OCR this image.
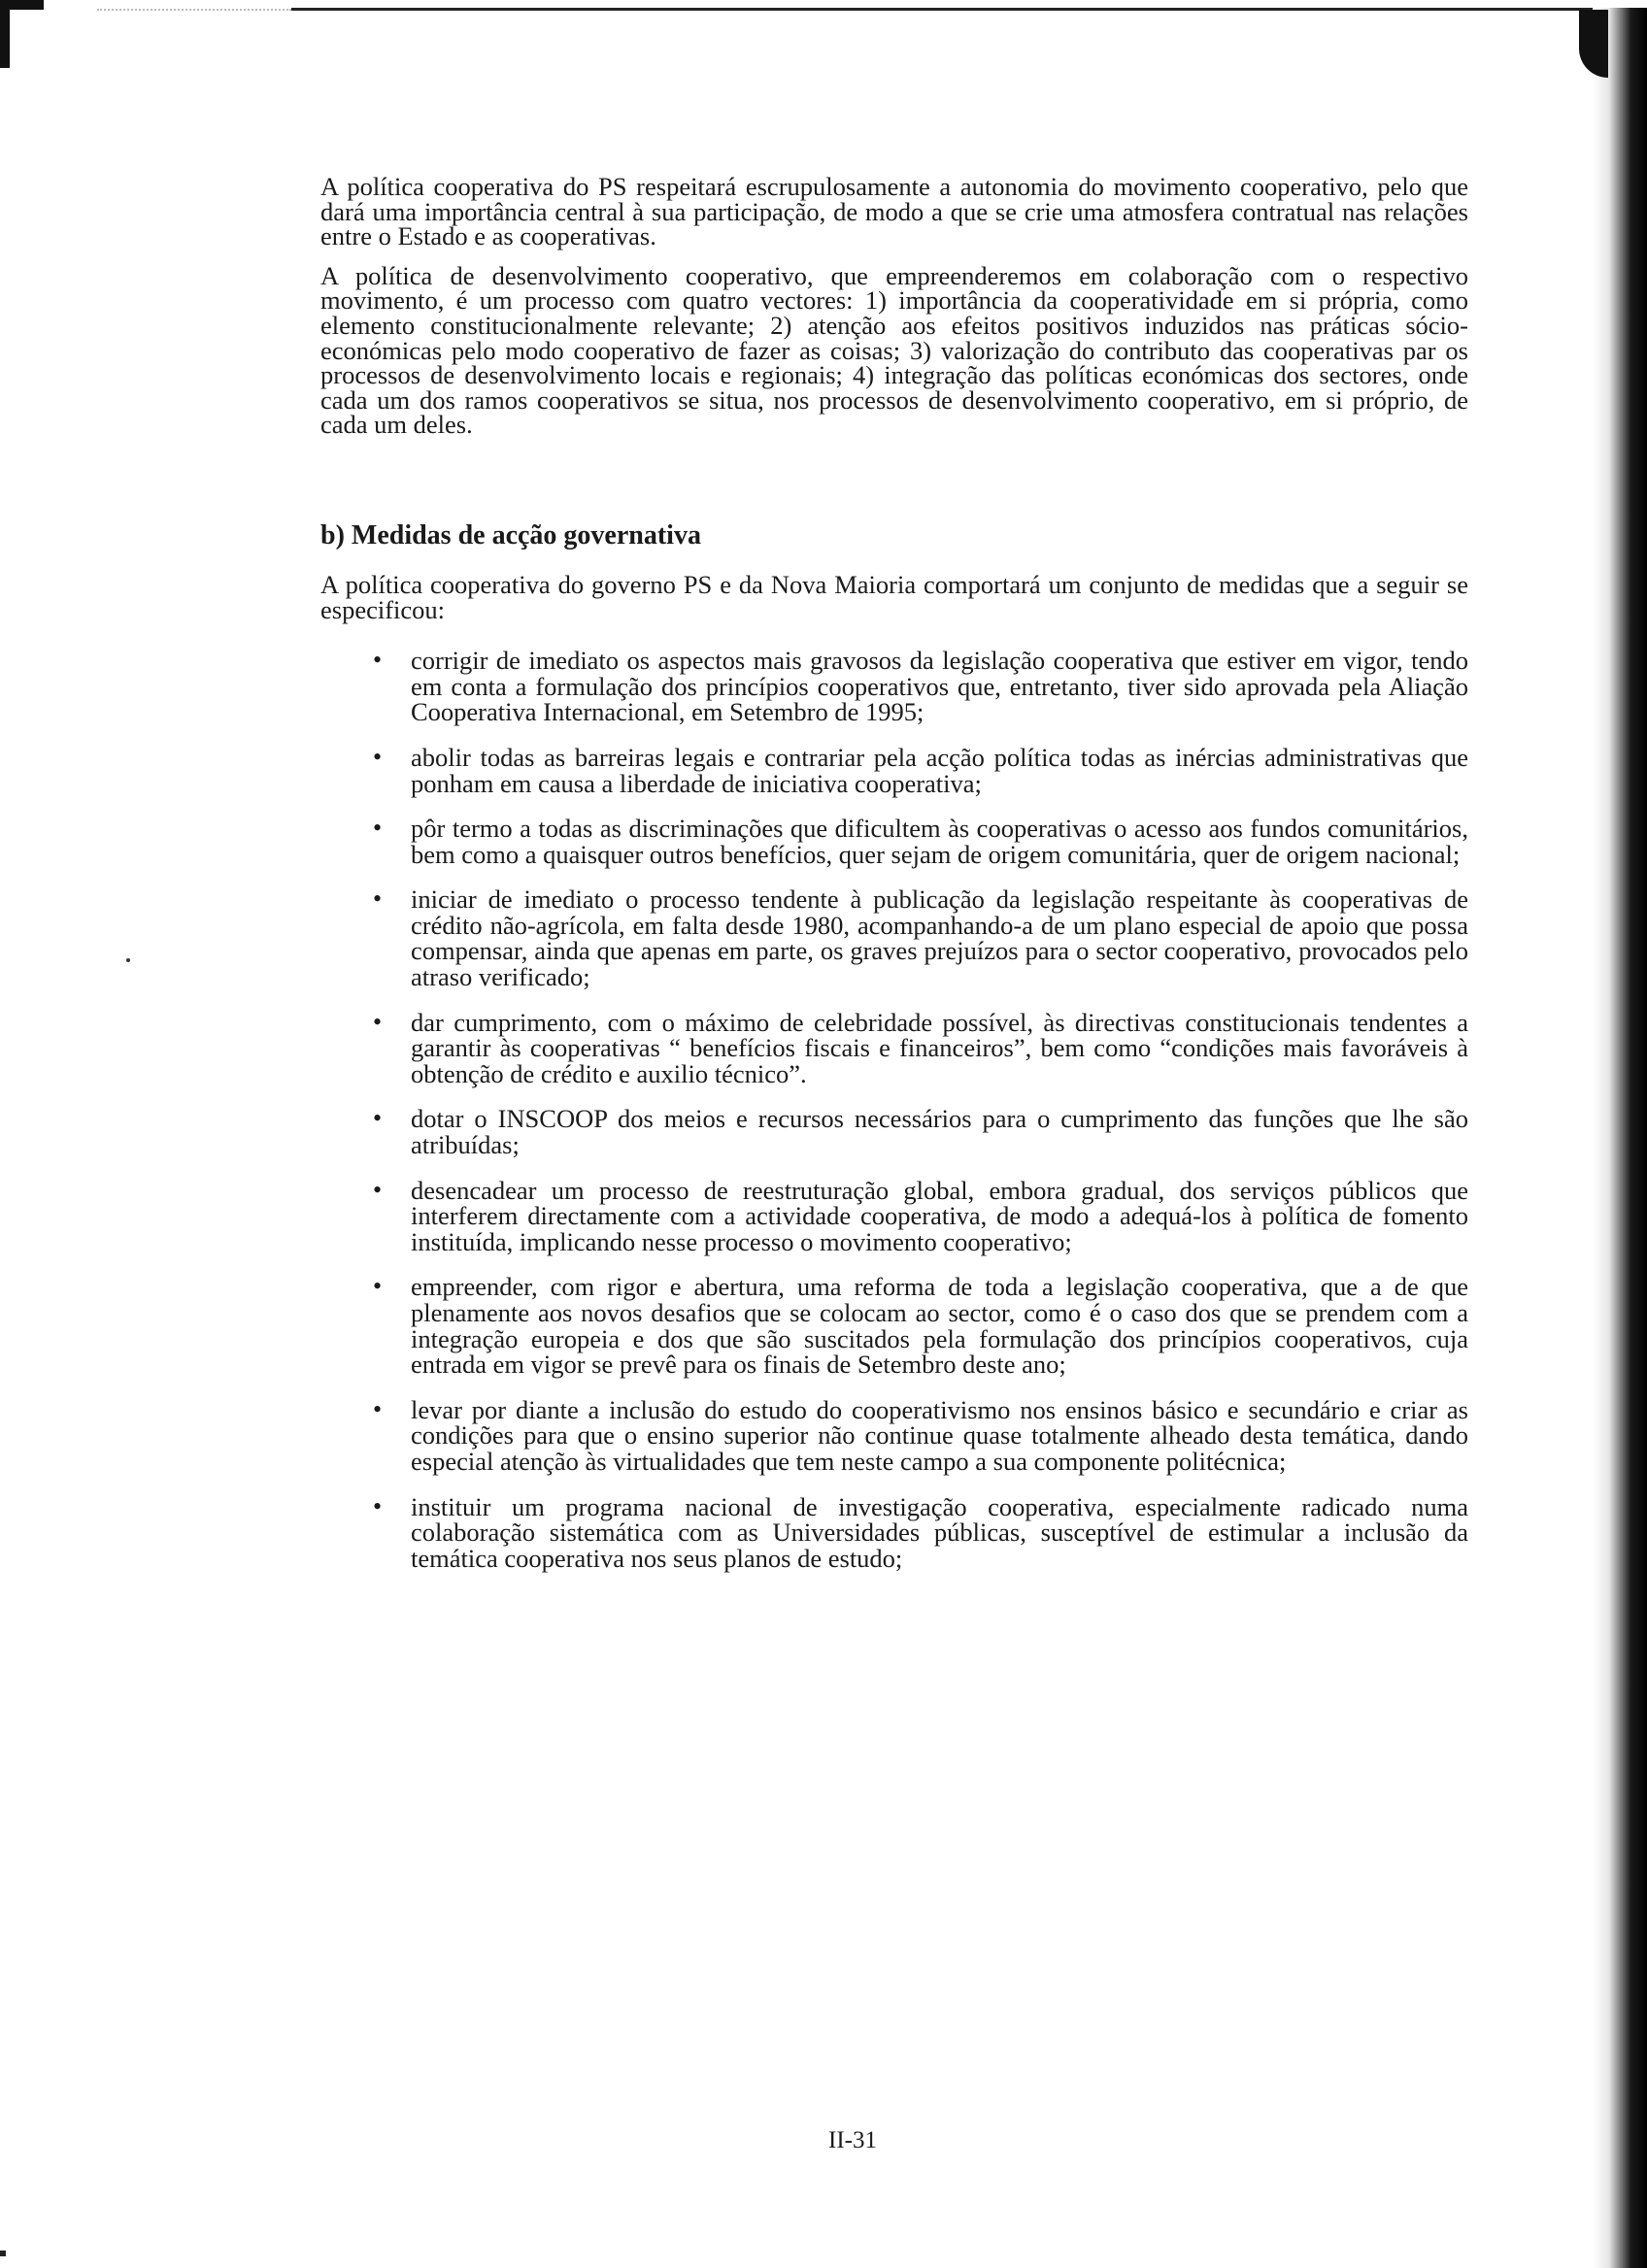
A política cooperativa do PS respeitará escrupulosamente a autonomia do movimento cooperativo, pelo que dará uma importância central à sua participação, de modo a que se crie uma atmosfera contratual nas relações entre o Estado e as cooperativas.

A política de desenvolvimento cooperativo, que empreenderemos em colaboração com o respectivo movimento, é um processo com quatro vectores: 1) importância da cooperatividade em si própria, como elemento constitucionalmente relevante; 2) atenção aos efeitos positivos induzidos nas práticas sócio-económicas pelo modo cooperativo de fazer as coisas; 3) valorização do contributo das cooperativas par os processos de desenvolvimento locais e regionais; 4) integração das políticas económicas dos sectores, onde cada um dos ramos cooperativos se situa, nos processos de desenvolvimento cooperativo, em si próprio, de cada um deles.

b) Medidas de acção governativa

A política cooperativa do governo PS e da Nova Maioria comportará um conjunto de medidas que a seguir se especificou:

• corrigir de imediato os aspectos mais gravosos da legislação cooperativa que estiver em vigor, tendo em conta a formulação dos princípios cooperativos que, entretanto, tiver sido aprovada pela Aliação Cooperativa Internacional, em Setembro de 1995;

• abolir todas as barreiras legais e contrariar pela acção política todas as inércias administrativas que ponham em causa a liberdade de iniciativa cooperativa;

• pôr termo a todas as discriminações que dificultem às cooperativas o acesso aos fundos comunitários, bem como a quaisquer outros benefícios, quer sejam de origem comunitária, quer de origem nacional;

• iniciar de imediato o processo tendente à publicação da legislação respeitante às cooperativas de crédito não-agrícola, em falta desde 1980, acompanhando-a de um plano especial de apoio que possa compensar, ainda que apenas em parte, os graves prejuízos para o sector cooperativo, provocados pelo atraso verificado;

• dar cumprimento, com o máximo de celebridade possível, às directivas constitucionais tendentes a garantir às cooperativas “ benefícios fiscais e financeiros”, bem como “condições mais favoráveis à obtenção de crédito e auxilio técnico”.

• dotar o INSCOOP dos meios e recursos necessários para o cumprimento das funções que lhe são atribuídas;

• desencadear um processo de reestruturação global, embora gradual, dos serviços públicos que interferem directamente com a actividade cooperativa, de modo a adequá-los à política de fomento instituída, implicando nesse processo o movimento cooperativo;

• empreender, com rigor e abertura, uma reforma de toda a legislação cooperativa, que a de que plenamente aos novos desafios que se colocam ao sector, como é o caso dos que se prendem com a integração europeia e dos que são suscitados pela formulação dos princípios cooperativos, cuja entrada em vigor se prevê para os finais de Setembro deste ano;

• levar por diante a inclusão do estudo do cooperativismo nos ensinos básico e secundário e criar as condições para que o ensino superior não continue quase totalmente alheado desta temática, dando especial atenção às virtualidades que tem neste campo a sua componente politécnica;

• instituir um programa nacional de investigação cooperativa, especialmente radicado numa colaboração sistemática com as Universidades públicas, susceptível de estimular a inclusão da temática cooperativa nos seus planos de estudo;

II-31
